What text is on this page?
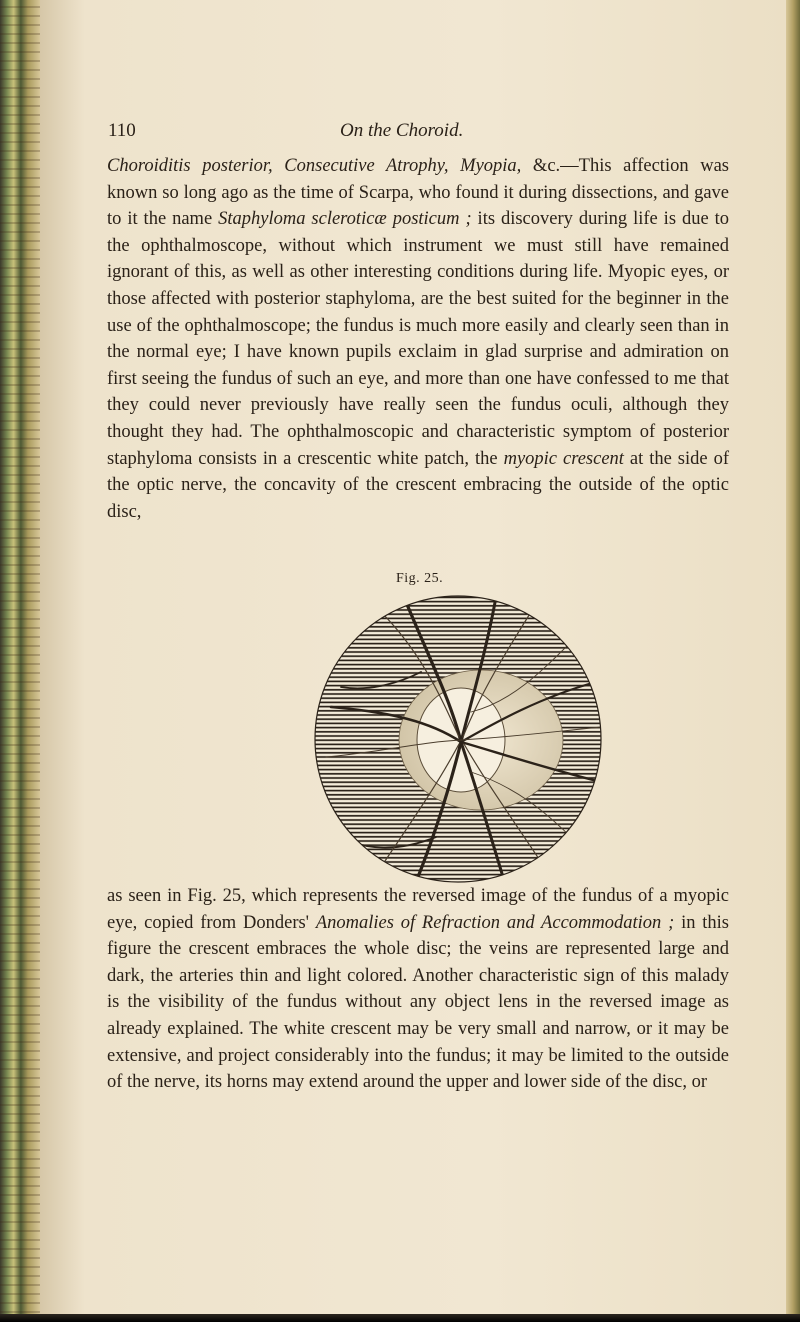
110	On the Choroid.
Choroiditis posterior, Consecutive Atrophy, Myopia, &c.—This affection was known so long ago as the time of Scarpa, who found it during dissections, and gave to it the name Staphyloma scleroticæ posticum ; its discovery during life is due to the ophthalmoscope, without which instrument we must still have remained ignorant of this, as well as other interesting conditions during life. Myopic eyes, or those affected with posterior staphyloma, are the best suited for the beginner in the use of the ophthalmoscope; the fundus is much more easily and clearly seen than in the normal eye; I have known pupils exclaim in glad surprise and admiration on first seeing the fundus of such an eye, and more than one have confessed to me that they could never previously have really seen the fundus oculi, although they thought they had. The ophthalmoscopic and characteristic symptom of posterior staphyloma consists in a crescentic white patch, the myopic crescent at the side of the optic nerve, the concavity of the crescent embracing the outside of the optic disc,
Fig. 25.
as seen in Fig. 25, which represents the reversed image of the fundus of a myopic eye, copied from Donders' Anomalies of Refraction and Accommodation ; in this figure the crescent embraces the whole disc; the veins are represented large and dark, the arteries thin and light colored. Another characteristic sign of this malady is the visibility of the fundus without any object lens in the reversed image as already explained. The white crescent may be very small and narrow, or it may be extensive, and project considerably into the fundus; it may be limited to the outside of the nerve, its horns may extend around the upper and lower side of the disc, or
